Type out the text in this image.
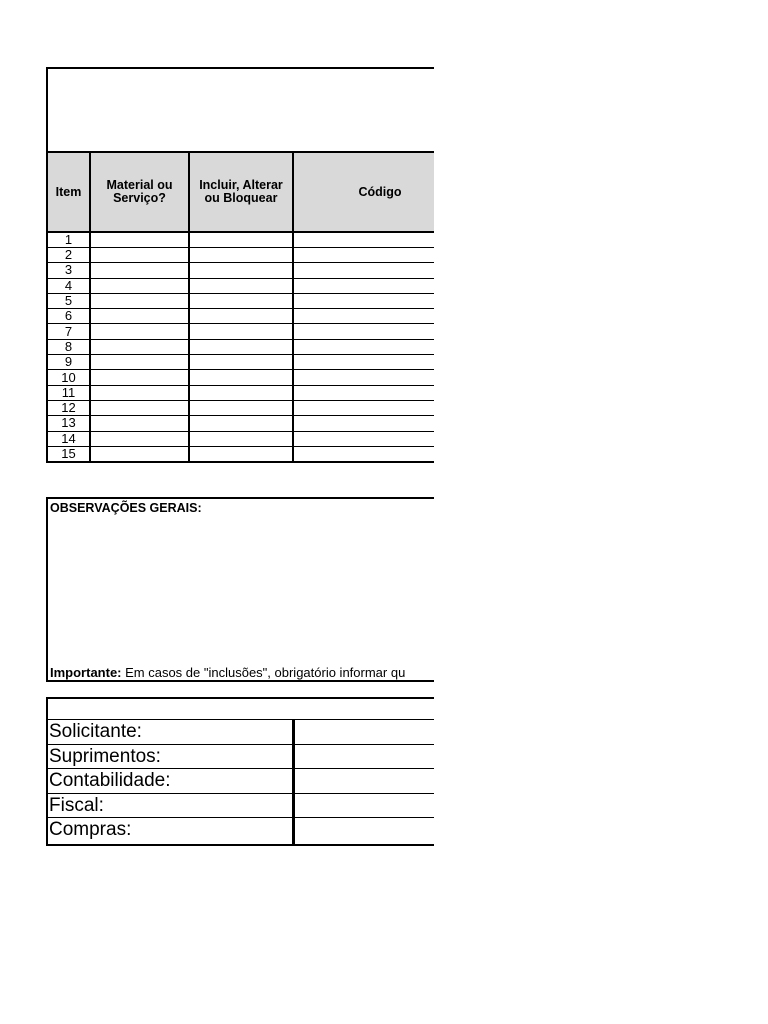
Item	Material ou Serviço?	Incluir, Alterar ou Bloquear	Código
1			
2			
3			
4			
5			
6			
7			
8			
9			
10			
11			
12			
13			
14			
15			
OBSERVAÇÕES GERAIS:
Importante: Em casos de "inclusões", obrigatório informar qu
Solicitante:
Suprimentos:
Contabilidade:
Fiscal:
Compras:
